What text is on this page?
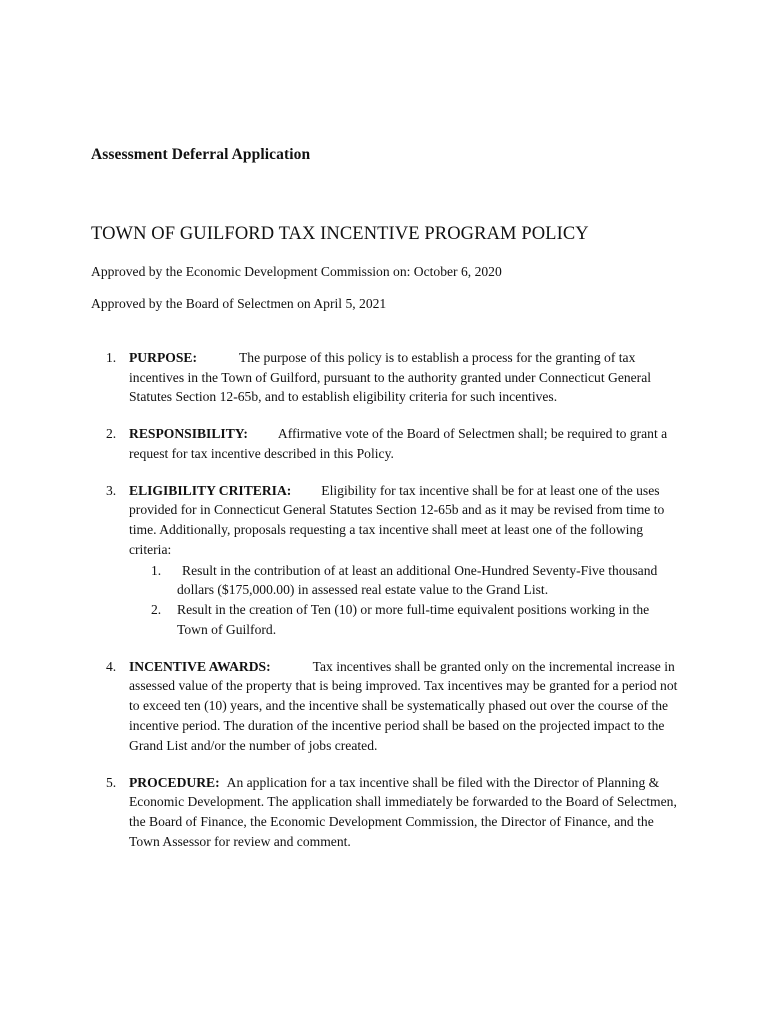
Assessment Deferral Application
TOWN OF GUILFORD TAX INCENTIVE PROGRAM POLICY

Approved by the Economic Development Commission on: October 6, 2020

Approved by the Board of Selectmen on April 5, 2021

1. PURPOSE:	The purpose of this policy is to establish a process for the granting of tax incentives in the Town of Guilford, pursuant to the authority granted under Connecticut General Statutes Section 12-65b, and to establish eligibility criteria for such incentives.
2. RESPONSIBILITY: Affirmative vote of the Board of Selectmen shall; be required to grant a request for tax incentive described in this Policy.
3. ELIGIBILITY CRITERIA: Eligibility for tax incentive shall be for at least one of the uses provided for in Connecticut General Statutes Section 12-65b and as it may be revised from time to time. Additionally, proposals requesting a tax incentive shall meet at least one of the following criteria:
1.	Result in the contribution of at least an additional One-Hundred Seventy-Five thousand dollars ($175,000.00) in assessed real estate value to the Grand List.
2.	Result in the creation of Ten (10) or more full-time equivalent positions working in the Town of Guilford.
4. INCENTIVE AWARDS:	Tax incentives shall be granted only on the incremental increase in assessed value of the property that is being improved. Tax incentives may be granted for a period not to exceed ten (10) years, and the incentive shall be systematically phased out over the course of the incentive period. The duration of the incentive period shall be based on the projected impact to the Grand List and/or the number of jobs created.
5. PROCEDURE: An application for a tax incentive shall be filed with the Director of Planning & Economic Development. The application shall immediately be forwarded to the Board of Selectmen, the Board of Finance, the Economic Development Commission, the Director of Finance, and the Town Assessor for review and comment.
